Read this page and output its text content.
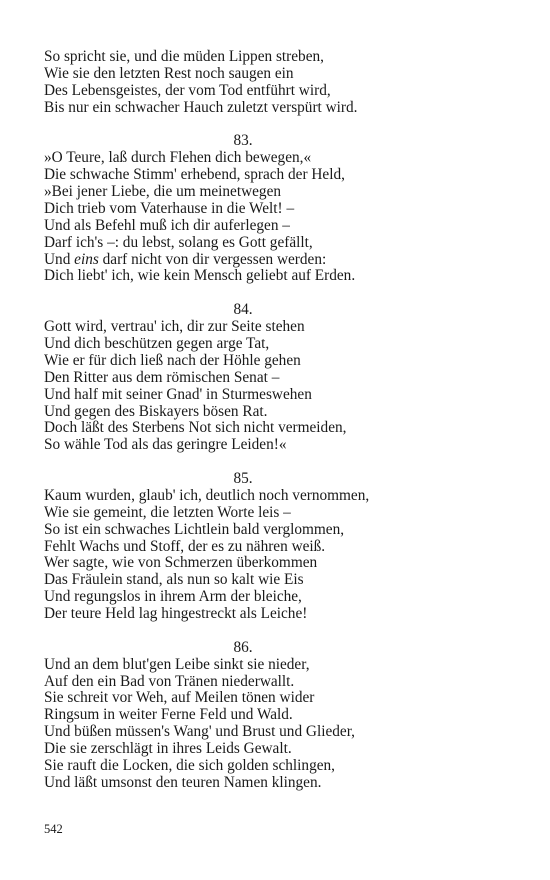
So spricht sie, und die müden Lippen streben,
Wie sie den letzten Rest noch saugen ein
Des Lebensgeistes, der vom Tod entführt wird,
Bis nur ein schwacher Hauch zuletzt verspürt wird.
83.
»O Teure, laß durch Flehen dich bewegen,«
Die schwache Stimm' erhebend, sprach der Held,
»Bei jener Liebe, die um meinetwegen
Dich trieb vom Vaterhause in die Welt! –
Und als Befehl muß ich dir auferlegen –
Darf ich's –: du lebst, solang es Gott gefällt,
Und eins darf nicht von dir vergessen werden:
Dich liebt' ich, wie kein Mensch geliebt auf Erden.
84.
Gott wird, vertrau' ich, dir zur Seite stehen
Und dich beschützen gegen arge Tat,
Wie er für dich ließ nach der Höhle gehen
Den Ritter aus dem römischen Senat –
Und half mit seiner Gnad' in Sturmeswehen
Und gegen des Biskayers bösen Rat.
Doch läßt des Sterbens Not sich nicht vermeiden,
So wähle Tod als das geringre Leiden!«
85.
Kaum wurden, glaub' ich, deutlich noch vernommen,
Wie sie gemeint, die letzten Worte leis –
So ist ein schwaches Lichtlein bald verglommen,
Fehlt Wachs und Stoff, der es zu nähren weiß.
Wer sagte, wie von Schmerzen überkommen
Das Fräulein stand, als nun so kalt wie Eis
Und regungslos in ihrem Arm der bleiche,
Der teure Held lag hingestreckt als Leiche!
86.
Und an dem blut'gen Leibe sinkt sie nieder,
Auf den ein Bad von Tränen niederwallt.
Sie schreit vor Weh, auf Meilen tönen wider
Ringsum in weiter Ferne Feld und Wald.
Und büßen müssen's Wang' und Brust und Glieder,
Die sie zerschlägt in ihres Leids Gewalt.
Sie rauft die Locken, die sich golden schlingen,
Und läßt umsonst den teuren Namen klingen.
542
